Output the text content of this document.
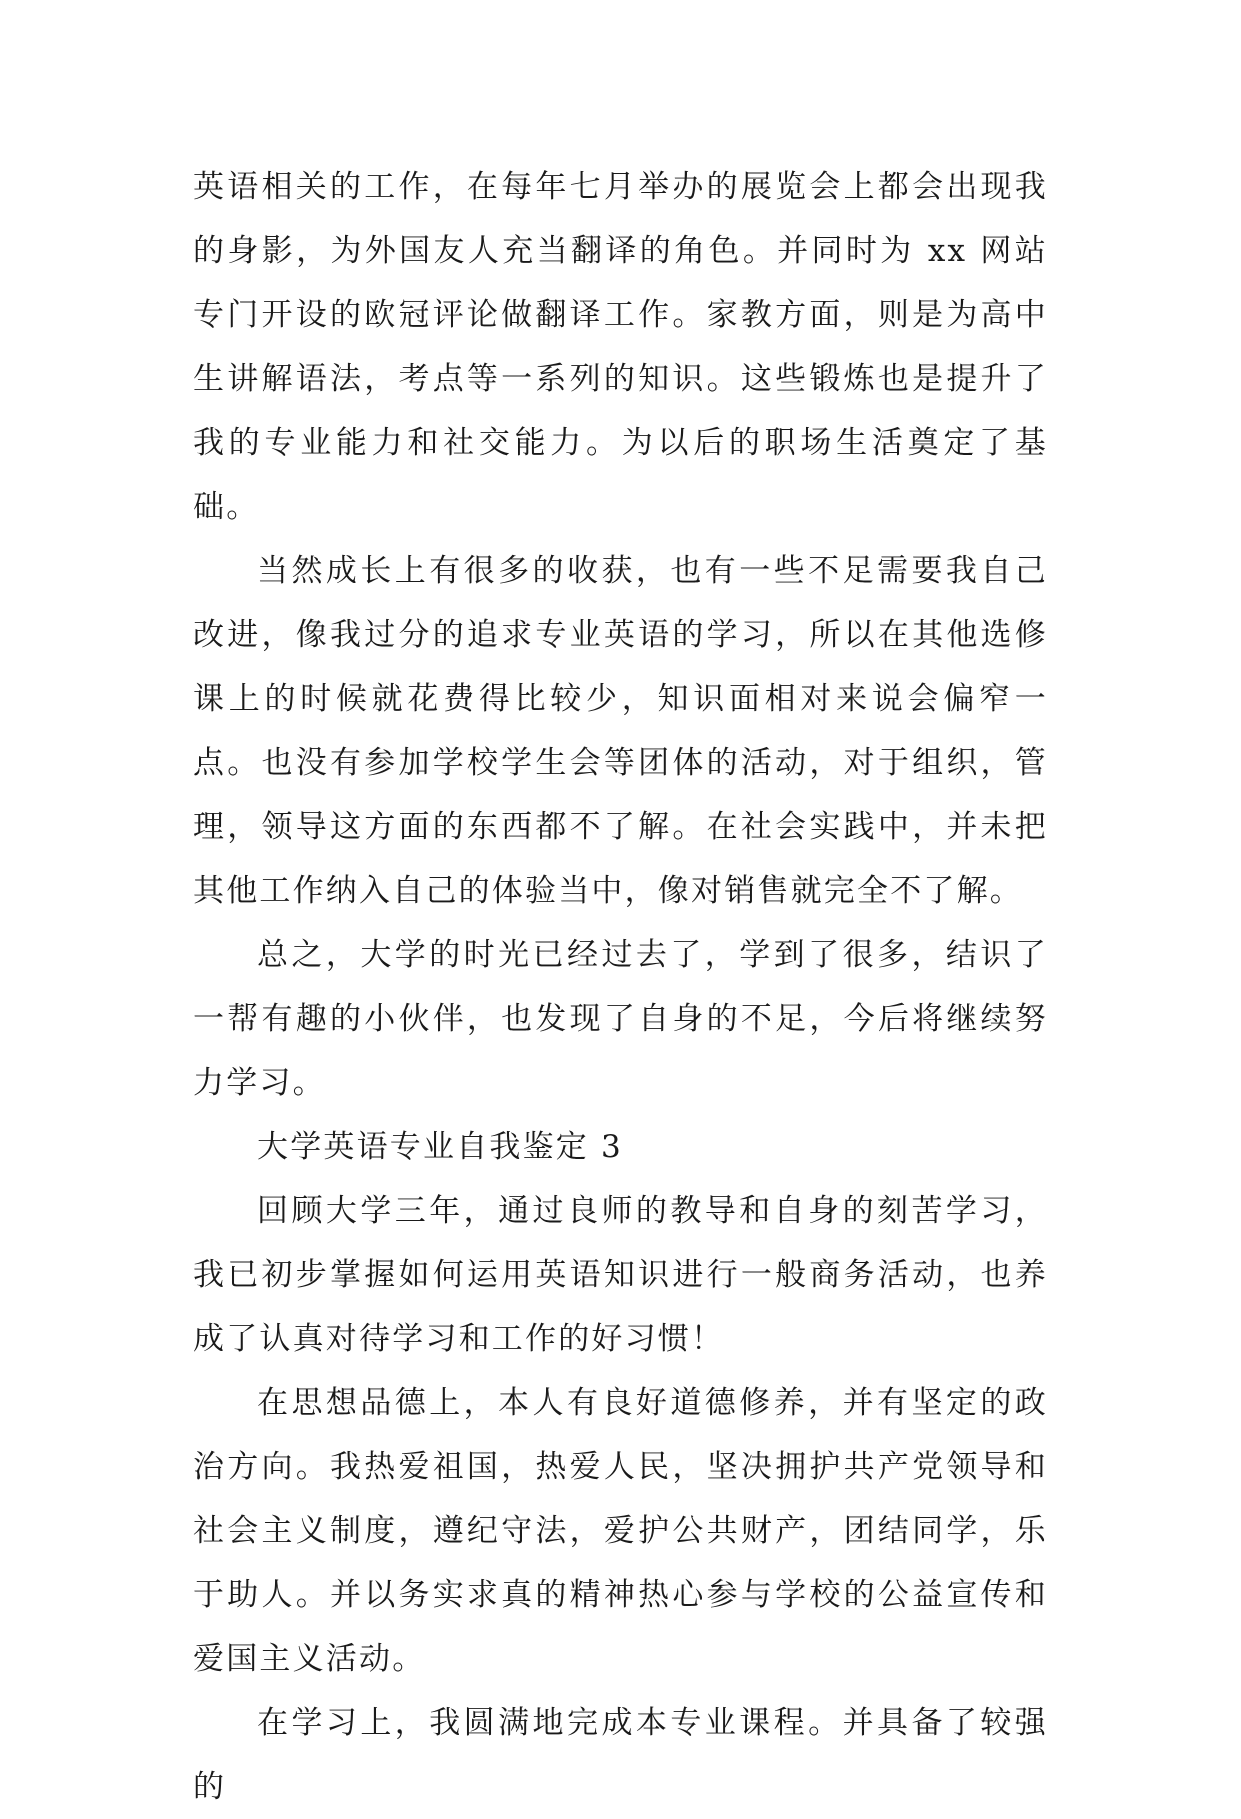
英语相关的工作，在每年七月举办的展览会上都会出现我的身影，为外国友人充当翻译的角色。并同时为 xx 网站专门开设的欧冠评论做翻译工作。家教方面，则是为高中生讲解语法，考点等一系列的知识。这些锻炼也是提升了我的专业能力和社交能力。为以后的职场生活奠定了基础。

当然成长上有很多的收获，也有一些不足需要我自己改进，像我过分的追求专业英语的学习，所以在其他选修课上的时候就花费得比较少，知识面相对来说会偏窄一点。也没有参加学校学生会等团体的活动，对于组织，管理，领导这方面的东西都不了解。在社会实践中，并未把其他工作纳入自己的体验当中，像对销售就完全不了解。

总之，大学的时光已经过去了，学到了很多，结识了一帮有趣的小伙伴，也发现了自身的不足，今后将继续努力学习。

大学英语专业自我鉴定 3

回顾大学三年，通过良师的教导和自身的刻苦学习，我已初步掌握如何运用英语知识进行一般商务活动，也养成了认真对待学习和工作的好习惯！

在思想品德上，本人有良好道德修养，并有坚定的政治方向。我热爱祖国，热爱人民，坚决拥护共产党领导和社会主义制度，遵纪守法，爱护公共财产，团结同学，乐于助人。并以务实求真的精神热心参与学校的公益宣传和爱国主义活动。

在学习上，我圆满地完成本专业课程。并具备了较强的
